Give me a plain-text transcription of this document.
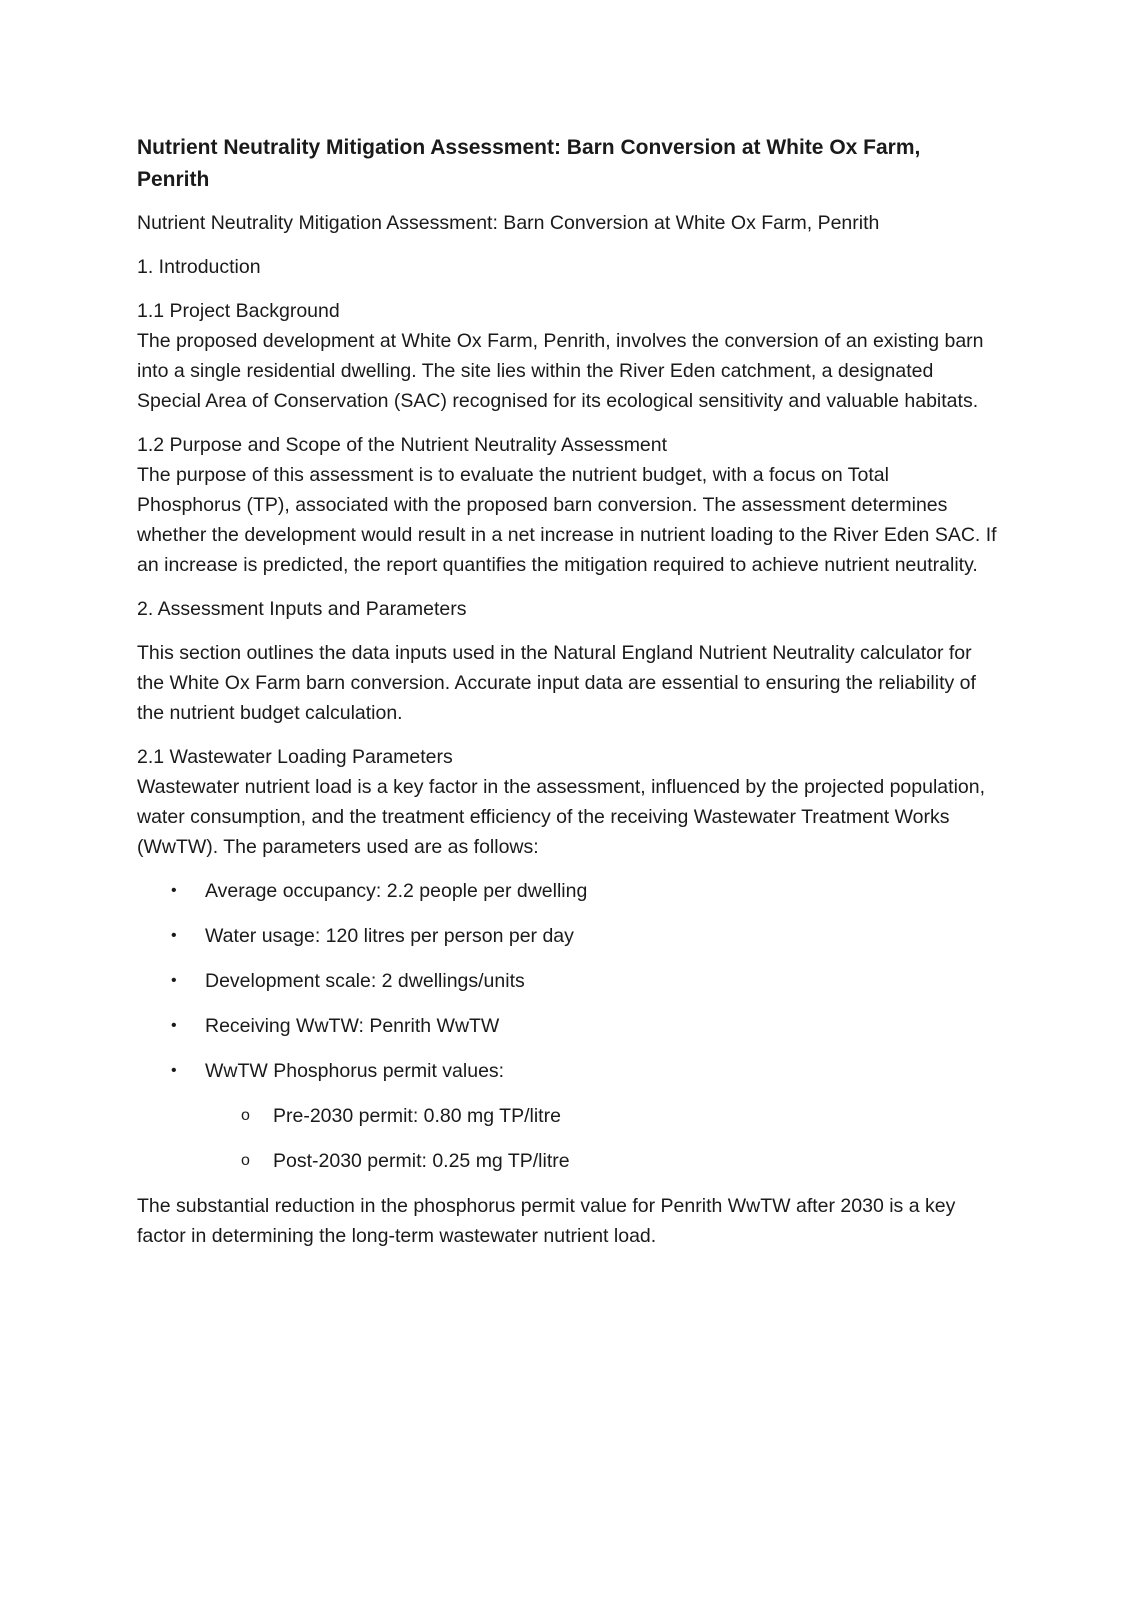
Nutrient Neutrality Mitigation Assessment: Barn Conversion at White Ox Farm, Penrith

Nutrient Neutrality Mitigation Assessment: Barn Conversion at White Ox Farm, Penrith

1. Introduction

1.1 Project Background
The proposed development at White Ox Farm, Penrith, involves the conversion of an existing barn into a single residential dwelling. The site lies within the River Eden catchment, a designated Special Area of Conservation (SAC) recognised for its ecological sensitivity and valuable habitats.
1.2 Purpose and Scope of the Nutrient Neutrality Assessment
The purpose of this assessment is to evaluate the nutrient budget, with a focus on Total Phosphorus (TP), associated with the proposed barn conversion. The assessment determines whether the development would result in a net increase in nutrient loading to the River Eden SAC. If an increase is predicted, the report quantifies the mitigation required to achieve nutrient neutrality.

2. Assessment Inputs and Parameters

This section outlines the data inputs used in the Natural England Nutrient Neutrality calculator for the White Ox Farm barn conversion. Accurate input data are essential to ensuring the reliability of the nutrient budget calculation.

2.1 Wastewater Loading Parameters
Wastewater nutrient load is a key factor in the assessment, influenced by the projected population, water consumption, and the treatment efficiency of the receiving Wastewater Treatment Works (WwTW). The parameters used are as follows:
• Average occupancy: 2.2 people per dwelling
• Water usage: 120 litres per person per day
• Development scale: 2 dwellings/units
• Receiving WwTW: Penrith WwTW
• WwTW Phosphorus permit values:
o Pre-2030 permit: 0.80 mg TP/litre
o Post-2030 permit: 0.25 mg TP/litre

The substantial reduction in the phosphorus permit value for Penrith WwTW after 2030 is a key factor in determining the long-term wastewater nutrient load.
